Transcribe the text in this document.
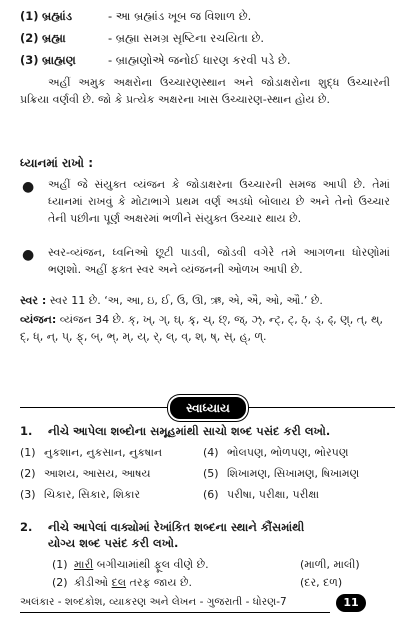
(1) બ્રહ્માંડ	- આ બ્રહ્માંડ ખૂબ જ વિશાળ છે.
(2) બ્રહ્મા	- બ્રહ્મા સમગ્ર સૃષ્ટિના રચયિતા છે.
(3) બ્રાહ્મણ	- બ્રાહ્મણોએ જનોઈ ધારણ કરવી પડે છે.
અહીં અમુક અક્ષરોના ઉચ્ચારણસ્થાન અને જોડાક્ષરોના શુદ્ધ ઉચ્ચારની પ્રક્રિયા વર્ણવી છે. જો કે પ્રત્યેક અક્ષરના ખાસ ઉચ્ચારણ-સ્થાન હોય છે.
ધ્યાનમાં રાખો :
● અહીં જે સંયુક્ત વ્યંજન કે જોડાક્ષરના ઉચ્ચારની સમજ આપી છે. તેમાં ધ્યાનમાં રાખવું કે મોટાભાગે પ્રથમ વર્ણ અડધો બોલાય છે અને તેનો ઉચ્ચાર તેની પછીના પૂર્ણ અક્ષરમાં ભળીને સંયુક્ત ઉચ્ચાર થાય છે.
● સ્વર-વ્યંજન, ધ્વનિઓ છૂટી પાડવી, જોડવી વગેરે તમે આગળના ધોરણોમાં ભણશો. અહીં ફક્ત સ્વર અને વ્યંજનની ઓળખ આપી છે.
સ્વર : સ્વર 11 છે. ‘અ, આ, ઇ, ઈ, ઉ, ઊ, ઋ, એ, ઐ, ઓ, ઔ.’ છે.
વ્યંજન: વ્યંજન 34 છે. ક્, ખ્, ગ્, ઘ્, ક્ર્, ચ્, છ્, જ્, ઝ્, ન્ટ્, ટ્, ઠ્, ડ્, ઢ્, ણ્, ત્, થ્, દ્, ધ્, ન્, પ્, ફ્, બ્, ભ્, મ્, ય્, ર્, લ્, વ્, શ્, ષ્, સ્, હ્, ળ્.
સ્વાધ્યાય
1. નીચે આપેલા શબ્દોના સમૂહમાંથી સાચો શબ્દ પસંદ કરી લખો.
(1) નુકશાન, નુકસાન, નુકષાન	(4) ભોલપણ, ભોળપણ, ભોરપણ
(2) આશય, આસય, આષય	(5) શિખામણ, સિખામણ, ષિખામણ
(3) ચિકાર, સિકાર, શિકાર	(6) પરીષા, પરીક્ષા, પરીક્ષા
2. નીચે આપેલાં વાક્યોમાં રેખાંકિત શબ્દના સ્થાને કૌંસમાંથી
યોગ્ય શબ્દ પસંદ કરી લખો.
(1) મારી બગીચામાંથી ફૂલ વીણે છે.	(માળી, માલી)
(2) કીડીઓ દલ તરફ જાય છે.	(દર, દળ)
અલંકાર - શબ્દકોશ, વ્યાકરણ અને લેખન - ગુજરાતી - ધોરણ-7	11
